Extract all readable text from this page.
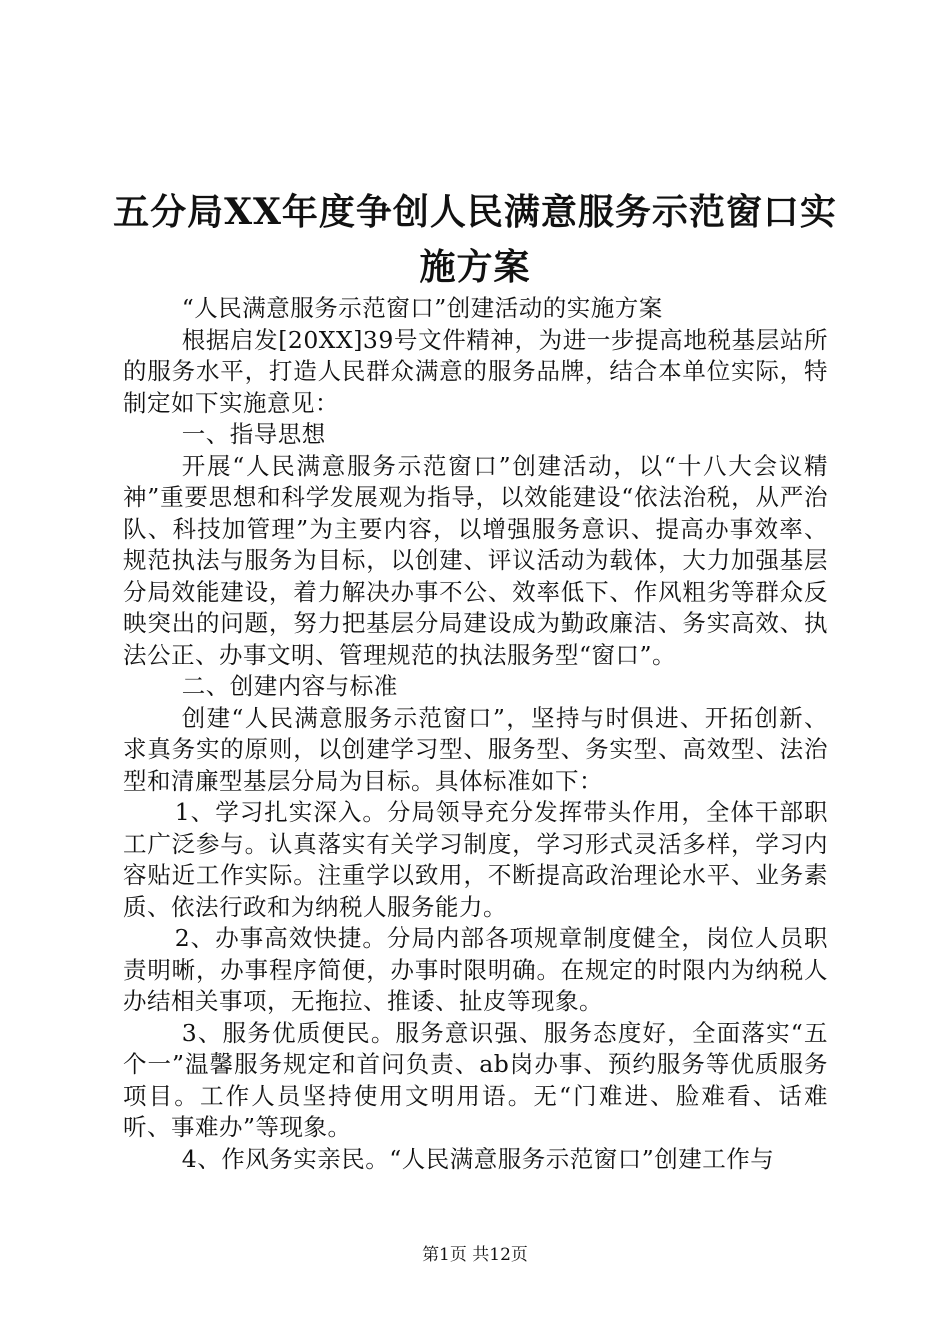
五分局XX年度争创人民满意服务示范窗口实
施方案

“人民满意服务示范窗口”创建活动的实施方案

根据启发[20XX]39号文件精神，为进一步提高地税基层站所的服务水平，打造人民群众满意的服务品牌，结合本单位实际，特制定如下实施意见：

一、指导思想

开展“人民满意服务示范窗口”创建活动，以“十八大会议精神”重要思想和科学发展观为指导，以效能建设“依法治税，从严治队、科技加管理”为主要内容，以增强服务意识、提高办事效率、规范执法与服务为目标，以创建、评议活动为载体，大力加强基层分局效能建设，着力解决办事不公、效率低下、作风粗劣等群众反映突出的问题，努力把基层分局建设成为勤政廉洁、务实高效、执法公正、办事文明、管理规范的执法服务型“窗口”。

二、创建内容与标准

创建“人民满意服务示范窗口”，坚持与时俱进、开拓创新、求真务实的原则，以创建学习型、服务型、务实型、高效型、法治型和清廉型基层分局为目标。具体标准如下：

1、学习扎实深入。分局领导充分发挥带头作用，全体干部职工广泛参与。认真落实有关学习制度，学习形式灵活多样，学习内容贴近工作实际。注重学以致用，不断提高政治理论水平、业务素质、依法行政和为纳税人服务能力。

2、办事高效快捷。分局内部各项规章制度健全，岗位人员职责明晰，办事程序简便，办事时限明确。在规定的时限内为纳税人办结相关事项，无拖拉、推诿、扯皮等现象。

3、服务优质便民。服务意识强、服务态度好，全面落实“五个一”温馨服务规定和首问负责、ab岗办事、预约服务等优质服务项目。工作人员坚持使用文明用语。无“门难进、脸难看、话难听、事难办”等现象。

4、作风务实亲民。“人民满意服务示范窗口”创建工作与

第1页 共12页
